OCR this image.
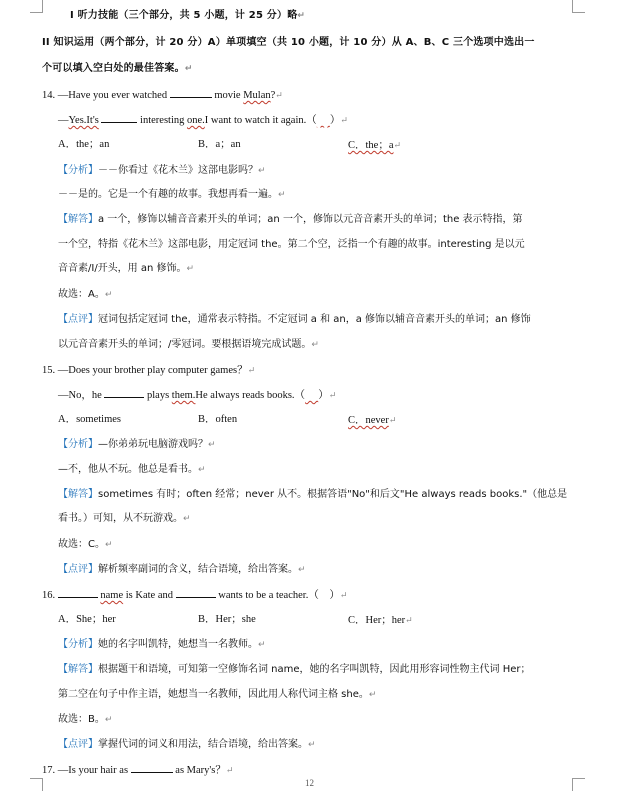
I 听力技能（三个部分，共 5 小题，计 25 分）略↵
II 知识运用（两个部分，计 20 分）A）单项填空（共 10 小题，计 10 分）从 A、B、C 三个选项中选出一
个可以填入空白处的最佳答案。↵
14. —Have you ever watched	movie Mulan?↵
—Yes.It's	interesting one.I want to watch it again.（ ）↵
A．the；an	B．a；an	C．the；a↵
【分析】－－你看过《花木兰》这部电影吗？↵
－－是的。它是一个有趣的故事。我想再看一遍。↵
【解答】a 一个，修饰以辅音音素开头的单词；an 一个，修饰以元音音素开头的单词；the 表示特指，第
一个空，特指《花木兰》这部电影，用定冠词 the。第二个空，泛指一个有趣的故事。interesting 是以元
音音素/I/开头，用 an 修饰。↵
故选：A。↵
【点评】冠词包括定冠词 the，通常表示特指。不定冠词 a 和 an，a 修饰以辅音音素开头的单词；an 修饰
以元音音素开头的单词；/零冠词。要根据语境完成试题。↵
15. —Does your brother play computer games？↵
—No，he	plays them.He always reads books.（ ）↵
A．sometimes	B．often	C．never↵
【分析】—你弟弟玩电脑游戏吗？↵
—不，他从不玩。他总是看书。↵
【解答】sometimes 有时；often 经常；never 从不。根据答语"No"和后文"He always reads books."（他总是
看书。）可知，从不玩游戏。↵
故选：C。↵
【点评】解析频率副词的含义，结合语境，给出答案。↵
16.	name is Kate and	wants to be a teacher.（ ）↵
A．She；her	B．Her；she	C．Her；her↵
【分析】她的名字叫凯特，她想当一名教师。↵
【解答】根据题干和语境，可知第一空修饰名词 name，她的名字叫凯特，因此用形容词性物主代词 Her；
第二空在句子中作主语，她想当一名教师，因此用人称代词主格 she。↵
故选：B。↵
【点评】掌握代词的词义和用法，结合语境，给出答案。↵
17. —Is your hair as	as Mary's？↵
12
